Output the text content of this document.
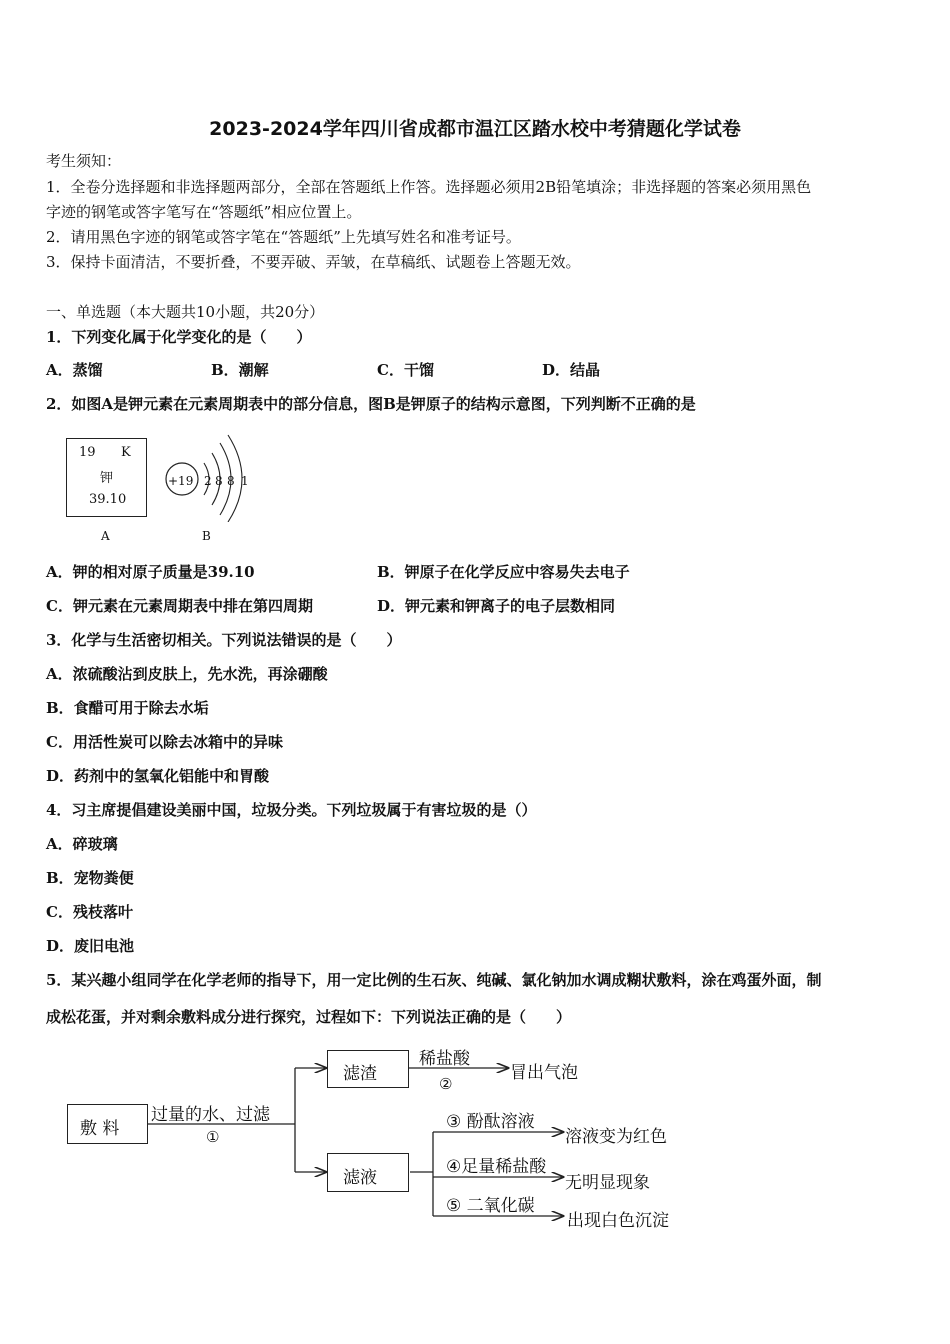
2023-2024学年四川省成都市温江区踏水校中考猜题化学试卷
考生须知：
1．全卷分选择题和非选择题两部分，全部在答题纸上作答。选择题必须用2B铅笔填涂；非选择题的答案必须用黑色
字迹的钢笔或答字笔写在“答题纸”相应位置上。
2．请用黑色字迹的钢笔或答字笔在“答题纸”上先填写姓名和准考证号。
3．保持卡面清洁，不要折叠，不要弄破、弄皱，在草稿纸、试题卷上答题无效。
一、单选题（本大题共10小题，共20分）
1．下列变化属于化学变化的是（　　）
A．蒸馏	B．潮解	C．干馏	D．结晶
2．如图A是钾元素在元素周期表中的部分信息，图B是钾原子的结构示意图，下列判断不正确的是
19 K
钾
39.10
A
+19 2 8 8 1
B
A．钾的相对原子质量是39.10	B．钾原子在化学反应中容易失去电子
C．钾元素在元素周期表中排在第四周期	D．钾元素和钾离子的电子层数相同
3．化学与生活密切相关。下列说法错误的是（　　）
A．浓硫酸沾到皮肤上，先水洗，再涂硼酸
B．食醋可用于除去水垢
C．用活性炭可以除去冰箱中的异味
D．药剂中的氢氧化铝能中和胃酸
4．习主席提倡建设美丽中国，垃圾分类。下列垃圾属于有害垃圾的是（）
A．碎玻璃
B．宠物粪便
C．残枝落叶
D．废旧电池
5．某兴趣小组同学在化学老师的指导下，用一定比例的生石灰、纯碱、氯化钠加水调成糊状敷料，涂在鸡蛋外面，制
成松花蛋，并对剩余敷料成分进行探究，过程如下：下列说法正确的是（　　）
敷 料
过量的水、过滤
①
滤渣
滤液
稀盐酸
②
冒出气泡
③ 酚酞溶液
溶液变为红色
④足量稀盐酸
无明显现象
⑤ 二氧化碳
出现白色沉淀
